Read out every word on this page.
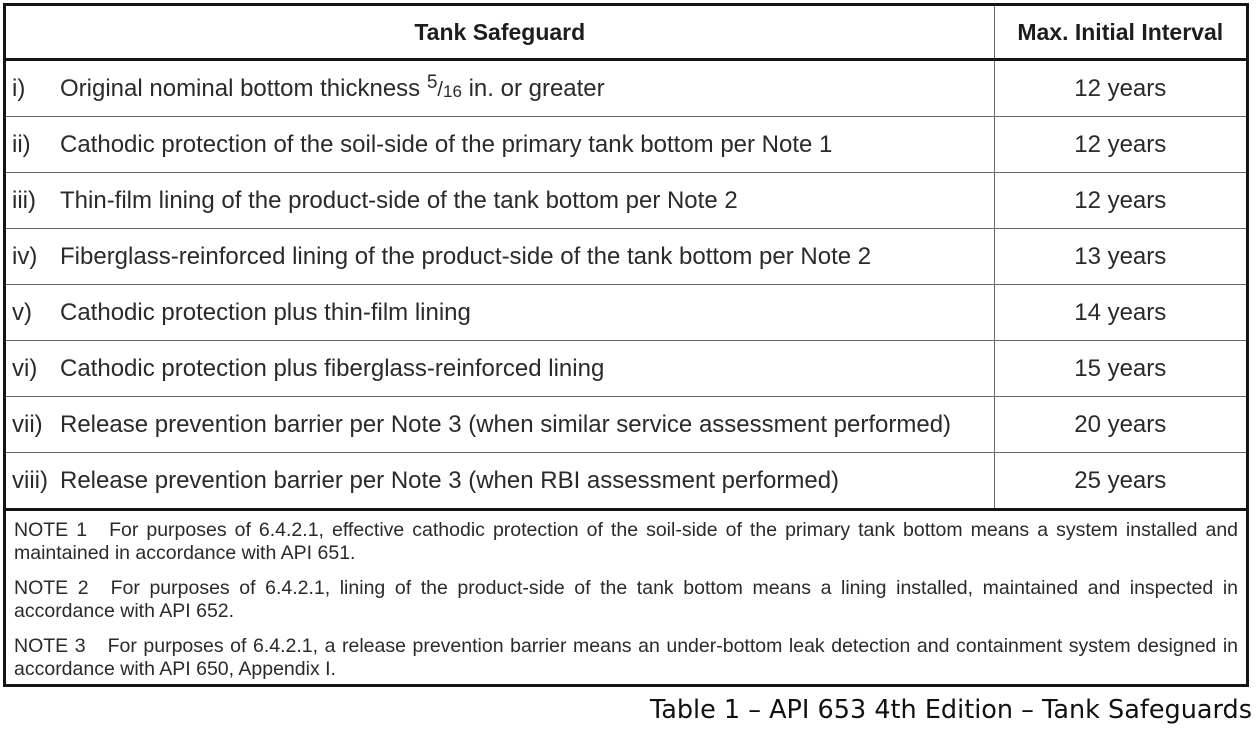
Tank Safeguard	Max. Initial Interval

i) Original nominal bottom thickness $^5/_{16}$ in. or greater	12 years

ii) Cathodic protection of the soil-side of the primary tank bottom per Note 1	12 years

iii) Thin-film lining of the product-side of the tank bottom per Note 2	12 years

iv) Fiberglass-reinforced lining of the product-side of the tank bottom per Note 2	13 years

v) Cathodic protection plus thin-film lining	14 years

vi) Cathodic protection plus fiberglass-reinforced lining	15 years

vii) Release prevention barrier per Note 3 (when similar service assessment performed)	20 years

viii) Release prevention barrier per Note 3 (when RBI assessment performed)	25 years

NOTE 1 For purposes of 6.4.2.1, effective cathodic protection of the soil-side of the primary tank bottom means a system installed and maintained in accordance with API 651.

NOTE 2 For purposes of 6.4.2.1, lining of the product-side of the tank bottom means a lining installed, maintained and inspected in accordance with API 652.

NOTE 3 For purposes of 6.4.2.1, a release prevention barrier means an under-bottom leak detection and containment system designed in accordance with API 650, Appendix I.

Table 1 – API 653 4th Edition – Tank Safeguards
